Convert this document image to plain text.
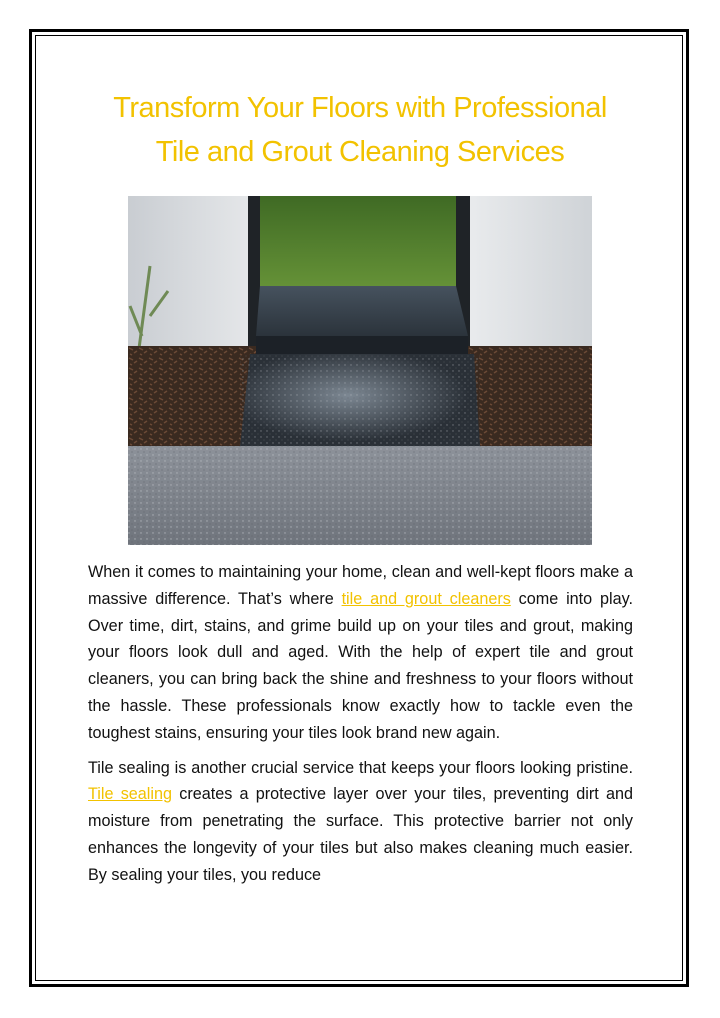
Transform Your Floors with Professional
Tile and Grout Cleaning Services

When it comes to maintaining your home, clean and well-kept floors make a massive difference. That’s where tile and grout cleaners come into play. Over time, dirt, stains, and grime build up on your tiles and grout, making your floors look dull and aged. With the help of expert tile and grout cleaners, you can bring back the shine and freshness to your floors without the hassle. These professionals know exactly how to tackle even the toughest stains, ensuring your tiles look brand new again.

Tile sealing is another crucial service that keeps your floors looking pristine. Tile sealing creates a protective layer over your tiles, preventing dirt and moisture from penetrating the surface. This protective barrier not only enhances the longevity of your tiles but also makes cleaning much easier. By sealing your tiles, you reduce
